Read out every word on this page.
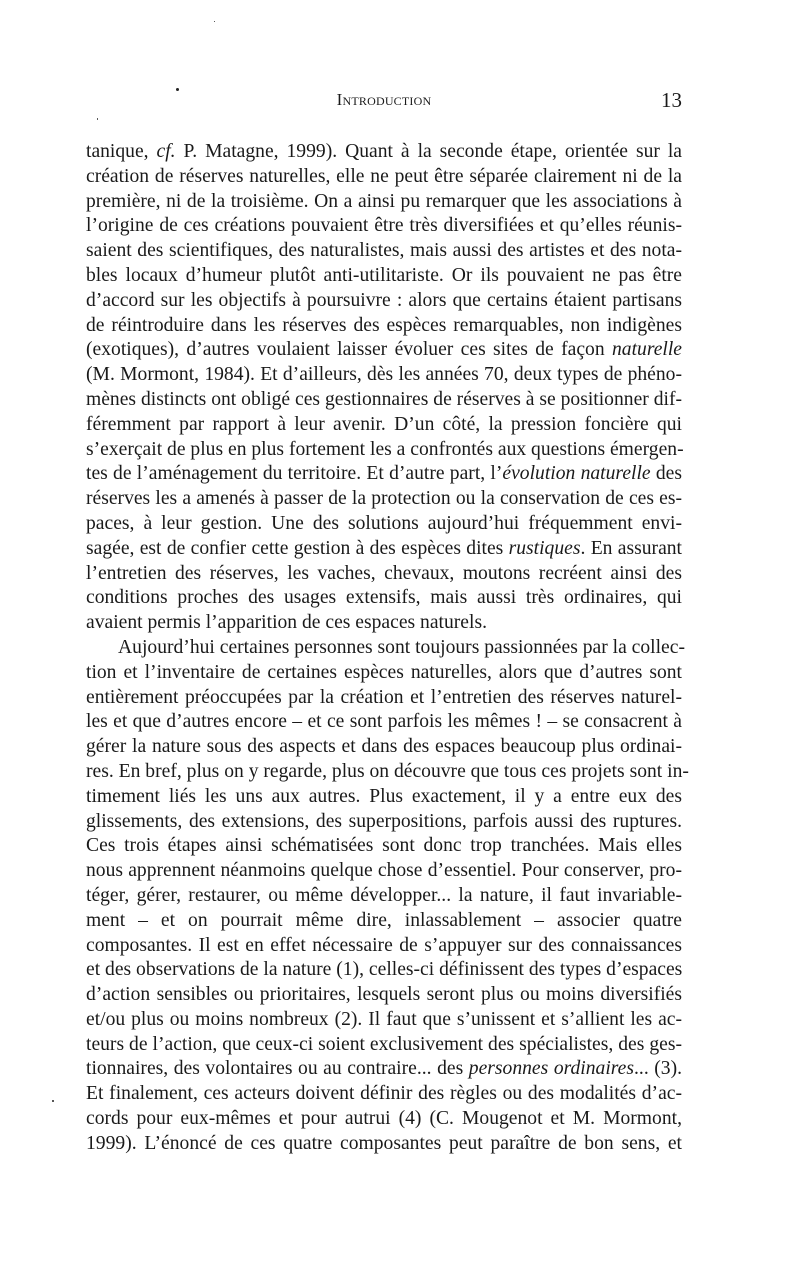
Introduction	13
tanique, cf. P. Matagne, 1999). Quant à la seconde étape, orientée sur la
création de réserves naturelles, elle ne peut être séparée clairement ni de la
première, ni de la troisième. On a ainsi pu remarquer que les associations à
l’origine de ces créations pouvaient être très diversifiées et qu’elles réunis-
saient des scientifiques, des naturalistes, mais aussi des artistes et des nota-
bles locaux d’humeur plutôt anti-utilitariste. Or ils pouvaient ne pas être
d’accord sur les objectifs à poursuivre : alors que certains étaient partisans
de réintroduire dans les réserves des espèces remarquables, non indigènes
(exotiques), d’autres voulaient laisser évoluer ces sites de façon naturelle
(M. Mormont, 1984). Et d’ailleurs, dès les années 70, deux types de phéno-
mènes distincts ont obligé ces gestionnaires de réserves à se positionner dif-
féremment par rapport à leur avenir. D’un côté, la pression foncière qui
s’exerçait de plus en plus fortement les a confrontés aux questions émergen-
tes de l’aménagement du territoire. Et d’autre part, l’évolution naturelle des
réserves les a amenés à passer de la protection ou la conservation de ces es-
paces, à leur gestion. Une des solutions aujourd’hui fréquemment envi-
sagée, est de confier cette gestion à des espèces dites rustiques. En assurant
l’entretien des réserves, les vaches, chevaux, moutons recréent ainsi des
conditions proches des usages extensifs, mais aussi très ordinaires, qui
avaient permis l’apparition de ces espaces naturels.
Aujourd’hui certaines personnes sont toujours passionnées par la collec-
tion et l’inventaire de certaines espèces naturelles, alors que d’autres sont
entièrement préoccupées par la création et l’entretien des réserves naturel-
les et que d’autres encore – et ce sont parfois les mêmes ! – se consacrent à
gérer la nature sous des aspects et dans des espaces beaucoup plus ordinai-
res. En bref, plus on y regarde, plus on découvre que tous ces projets sont in-
timement liés les uns aux autres. Plus exactement, il y a entre eux des
glissements, des extensions, des superpositions, parfois aussi des ruptures.
Ces trois étapes ainsi schématisées sont donc trop tranchées. Mais elles
nous apprennent néanmoins quelque chose d’essentiel. Pour conserver, pro-
téger, gérer, restaurer, ou même développer... la nature, il faut invariable-
ment – et on pourrait même dire, inlassablement – associer quatre
composantes. Il est en effet nécessaire de s’appuyer sur des connaissances
et des observations de la nature (1), celles-ci définissent des types d’espaces
d’action sensibles ou prioritaires, lesquels seront plus ou moins diversifiés
et/ou plus ou moins nombreux (2). Il faut que s’unissent et s’allient les ac-
teurs de l’action, que ceux-ci soient exclusivement des spécialistes, des ges-
tionnaires, des volontaires ou au contraire... des personnes ordinaires... (3).
Et finalement, ces acteurs doivent définir des règles ou des modalités d’ac-
cords pour eux-mêmes et pour autrui (4) (C. Mougenot et M. Mormont,
1999). L’énoncé de ces quatre composantes peut paraître de bon sens, et
